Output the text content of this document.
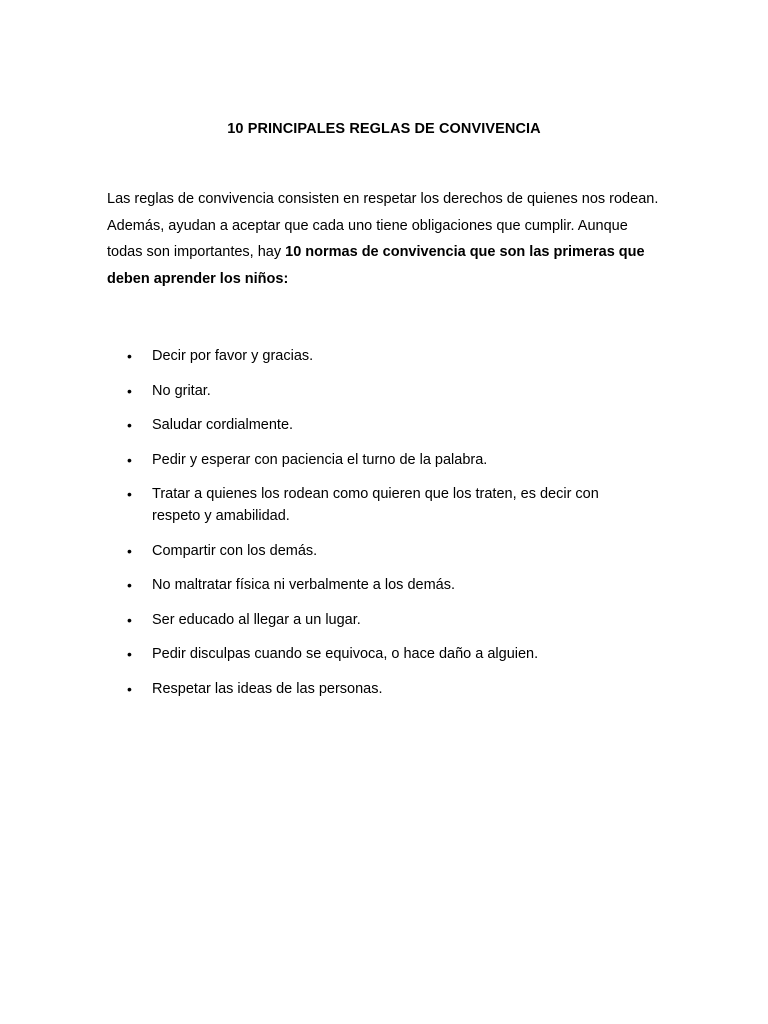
10 PRINCIPALES REGLAS DE CONVIVENCIA

Las reglas de convivencia consisten en respetar los derechos de quienes nos rodean. Además, ayudan a aceptar que cada uno tiene obligaciones que cumplir. Aunque todas son importantes, hay 10 normas de convivencia que son las primeras que deben aprender los niños:

• Decir por favor y gracias.
• No gritar.
• Saludar cordialmente.
• Pedir y esperar con paciencia el turno de la palabra.
• Tratar a quienes los rodean como quieren que los traten, es decir con respeto y amabilidad.
• Compartir con los demás.
• No maltratar física ni verbalmente a los demás.
• Ser educado al llegar a un lugar.
• Pedir disculpas cuando se equivoca, o hace daño a alguien.
• Respetar las ideas de las personas.
